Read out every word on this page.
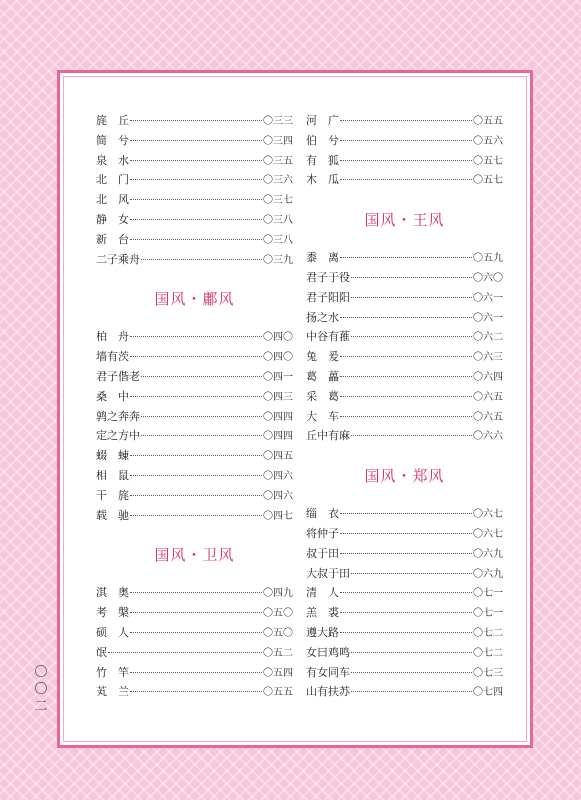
旄　丘	〇三三
简　兮	〇三四
泉　水	〇三五
北　门	〇三六
北　风	〇三七
静　女	〇三八
新　台	〇三八
二子乘舟	〇三九
国风・鄘风
柏　舟	〇四〇
墙有茨	〇四〇
君子偕老	〇四一
桑　中	〇四三
鹑之奔奔	〇四四
定之方中	〇四四
蝃　蝀	〇四五
相　鼠	〇四六
干　旄	〇四六
载　驰	〇四七
国风・卫风
淇　奥	〇四九
考　槃	〇五〇
硕　人	〇五〇
氓	〇五二
竹　竿	〇五四
芄　兰	〇五五
河　广	〇五五
伯　兮	〇五六
有　狐	〇五七
木　瓜	〇五七
国风・王风
黍　离	〇五九
君子于役	〇六〇
君子阳阳	〇六一
扬之水	〇六一
中谷有蓷	〇六二
兔　爰	〇六三
葛　藟	〇六四
采　葛	〇六五
大　车	〇六五
丘中有麻	〇六六
国风・郑风
缁　衣	〇六七
将仲子	〇六七
叔于田	〇六九
大叔于田	〇六九
清　人	〇七一
羔　裘	〇七一
遵大路	〇七二
女曰鸡鸣	〇七二
有女同车	〇七三
山有扶苏	〇七四
〇
〇
二
